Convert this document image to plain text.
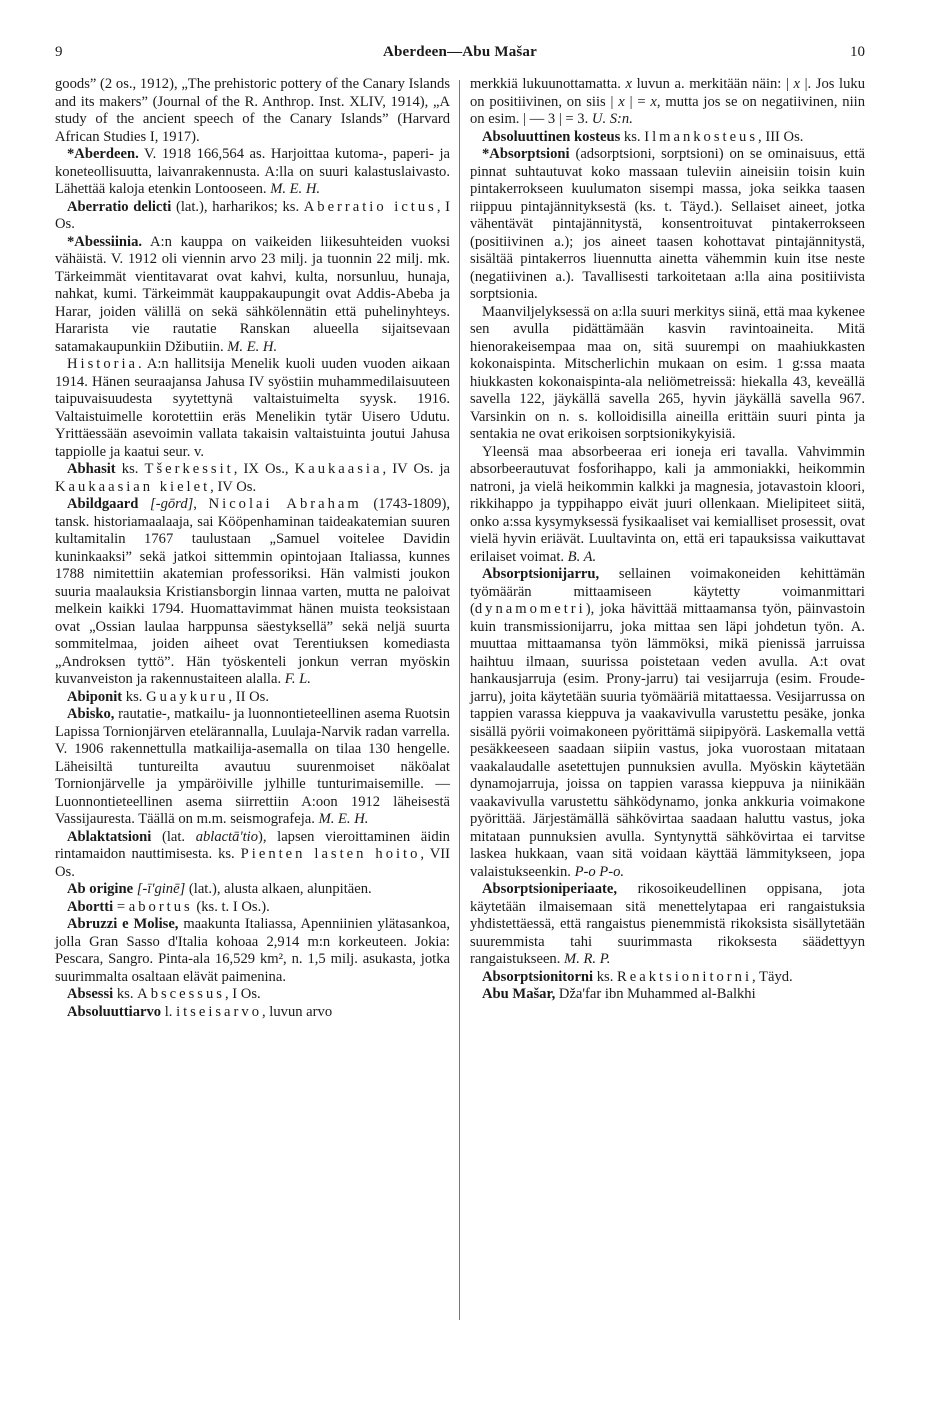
9	Aberdeen—Abu Mašar	10

goods” (2 os., 1912), „The prehistoric pottery of the Canary Islands and its makers” (Journal of the R. Anthrop. Inst. XLIV, 1914), „A study of the ancient speech of the Canary Islands” (Harvard African Studies I, 1917).

*Aberdeen. V. 1918 166,564 as. Harjoittaa kutoma-, paperi- ja koneteollisuutta, laivanrakennusta. A:lla on suuri kalastuslaivasto. Lähettää kaloja etenkin Lontooseen. M. E. H.

Aberratio delicti (lat.), harharikos; ks. Aberratio ictus, I Os.

*Abessiinia. A:n kauppa on vaikeiden liikesuhteiden vuoksi vähäistä. V. 1912 oli viennin arvo 23 milj. ja tuonnin 22 milj. mk. Tärkeimmät vientitavarat ovat kahvi, kulta, norsunluu, hunaja, nahkat, kumi. Tärkeimmät kauppakaupungit ovat Addis-Abeba ja Harar, joiden välillä on sekä sähkölennätin että puhelinyhteys. Hararista vie rautatie Ranskan alueella sijaitsevaan satamakaupunkiin Džibutiin. M. E. H.

Historia. A:n hallitsija Menelik kuoli uuden vuoden aikaan 1914. Hänen seuraajansa Jahusa IV syöstiin muhammedilaisuuteen taipuvaisuudesta syytettynä valtaistuimelta syysk. 1916. Valtaistuimelle korotettiin eräs Menelikin tytär Uisero Udutu. Yrittäessään asevoimin vallata takaisin valtaistuinta joutui Jahusa tappiolle ja kaatui seur. v.

Abhasit ks. Tšerkessit, IX Os., Kaukaasia, IV Os. ja Kaukaasian kielet, IV Os.

Abildgaard [-gōrd], Nicolai Abraham (1743-1809), tansk. historiamaalaaja, sai Kööpenhaminan taideakatemian suuren kultamitalin 1767 taulustaan „Samuel voitelee Davidin kuninkaaksi” sekä jatkoi sittemmin opintojaan Italiassa, kunnes 1788 nimitettiin akatemian professoriksi. Hän valmisti joukon suuria maalauksia Kristiansborgin linnaa varten, mutta ne paloivat melkein kaikki 1794. Huomattavimmat hänen muista teoksistaan ovat „Ossian laulaa harppunsa säestyksellä” sekä neljä suurta sommitelmaa, joiden aiheet ovat Terentiuksen komediasta „Androksen tyttö”. Hän työskenteli jonkun verran myöskin kuvanveiston ja rakennustaiteen alalla. F. L.

Abiponit ks. Guaykuru, II Os.

Abisko, rautatie-, matkailu- ja luonnontieteellinen asema Ruotsin Lapissa Tornionjärven etelärannalla, Luulaja-Narvik radan varrella. V. 1906 rakennettulla matkailija-asemalla on tilaa 130 hengelle. Läheisiltä tuntureilta avautuu suurenmoiset näköalat Tornionjärvelle ja ympäröiville jylhille tunturimaisemille. — Luonnontieteellinen asema siirrettiin A:oon 1912 läheisestä Vassijauresta. Täällä on m.m. seismografeja. M. E. H.

Ablaktatsioni (lat. ablactā'tio), lapsen vieroittaminen äidin rintamaidon nauttimisesta. ks. Pienten lasten hoito, VII Os.

Ab origine [-ī'ginē] (lat.), alusta alkaen, alunpitäen.

Abortti = abortus (ks. t. I Os.).

Abruzzi e Molise, maakunta Italiassa, Apenniinien ylätasankoa, jolla Gran Sasso d'Italia kohoaa 2,914 m:n korkeuteen. Jokia: Pescara, Sangro. Pinta-ala 16,529 km², n. 1,5 milj. asukasta, jotka suurimmalta osaltaan elävät paimenina.

Absessi ks. Abscessus, I Os.

Absoluuttiarvo l. itseisarvo, luvun arvo

merkkiä lukuunottamatta. x luvun a. merkitään näin: | x |. Jos luku on positiivinen, on siis | x | = x, mutta jos se on negatiivinen, niin on esim. | — 3 | = 3. U. S:n.

Absoluuttinen kosteus ks. Ilmankosteus, III Os.

*Absorptsioni (adsorptsioni, sorptsioni) on se ominaisuus, että pinnat suhtautuvat koko massaan tuleviin aineisiin toisin kuin pintakerrokseen kuulumaton sisempi massa, joka seikka taasen riippuu pintajännityksestä (ks. t. Täyd.). Sellaiset aineet, jotka vähentävät pintajännitystä, konsentroituvat pintakerrokseen (positiivinen a.); jos aineet taasen kohottavat pintajännitystä, sisältää pintakerros liuennutta ainetta vähemmin kuin itse neste (negatiivinen a.). Tavallisesti tarkoitetaan a:lla aina positiivista sorptsionia.

Maanviljelyksessä on a:lla suuri merkitys siinä, että maa kykenee sen avulla pidättämään kasvin ravintoaineita. Mitä hienorakeisempaa maa on, sitä suurempi on maahiukkasten kokonaispinta. Mitscherlichin mukaan on esim. 1 g:ssa maata hiukkasten kokonaispinta-ala neliömetreissä: hiekalla 43, keveällä savella 122, jäykällä savella 265, hyvin jäykällä savella 967. Varsinkin on n. s. kolloidisilla aineilla erittäin suuri pinta ja sentakia ne ovat erikoisen sorptsionikykyisiä.

Yleensä maa absorbeeraa eri ioneja eri tavalla. Vahvimmin absorbeerautuvat fosforihappo, kali ja ammoniakki, heikommin natroni, ja vielä heikommin kalkki ja magnesia, jotavastoin kloori, rikkihappo ja typpihappo eivät juuri ollenkaan. Mielipiteet siitä, onko a:ssa kysymyksessä fysikaaliset vai kemialliset prosessit, ovat vielä hyvin eriävät. Luultavinta on, että eri tapauksissa vaikuttavat erilaiset voimat. B. A.

Absorptsionijarru, sellainen voimakoneiden kehittämän työmäärän mittaamiseen käytetty voimanmittari (dynamometri), joka hävittää mittaamansa työn, päinvastoin kuin transmissionijarru, joka mittaa sen läpi johdetun työn. A. muuttaa mittaamansa työn lämmöksi, mikä pienissä jarruissa haihtuu ilmaan, suurissa poistetaan veden avulla. A:t ovat hankausjarruja (esim. Prony-jarru) tai vesijarruja (esim. Froude-jarru), joita käytetään suuria työmääriä mitattaessa. Vesijarrussa on tappien varassa kieppuva ja vaakavivulla varustettu pesäke, jonka sisällä pyörii voimakoneen pyörittämä siipipyörä. Laskemalla vettä pesäkkeeseen saadaan siipiin vastus, joka vuorostaan mitataan vaakalaudalle asetettujen punnuksien avulla. Myöskin käytetään dynamojarruja, joissa on tappien varassa kieppuva ja niinikään vaakavivulla varustettu sähködynamo, jonka ankkuria voimakone pyörittää. Järjestämällä sähkövirtaa saadaan haluttu vastus, joka mitataan punnuksien avulla. Syntynyttä sähkövirtaa ei tarvitse laskea hukkaan, vaan sitä voidaan käyttää lämmitykseen, jopa valaistukseenkin. P-o P-o.

Absorptsioniperiaate, rikosoikeudellinen oppisana, jota käytetään ilmaisemaan sitä menettelytapaa eri rangaistuksia yhdistettäessä, että rangaistus pienemmistä rikoksista sisällytetään suuremmista tahi suurimmasta rikoksesta säädettyyn rangaistukseen. M. R. P.

Absorptsionitorni ks. Reaktsionitorni, Täyd.

Abu Mašar, Dža'far ibn Muhammed al-Balkhi
